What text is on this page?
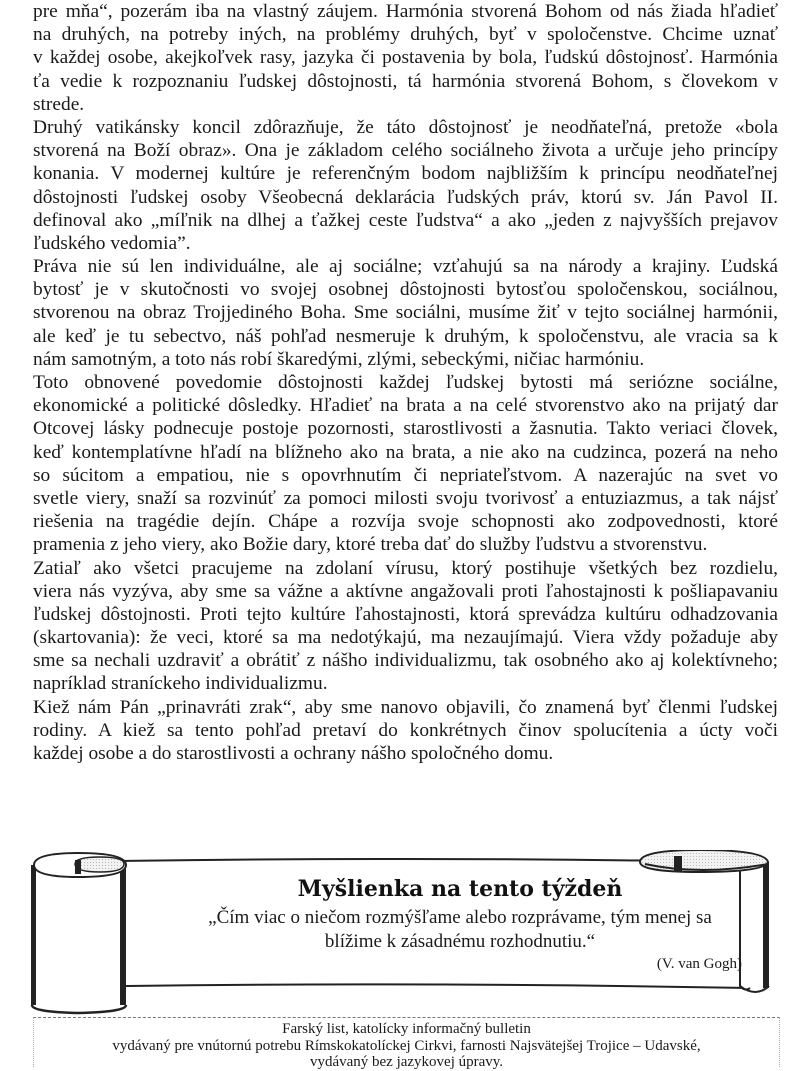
pre mňa“, pozerám iba na vlastný záujem. Harmónia stvorená Bohom od nás žiada hľadieť
na druhých, na potreby iných, na problémy druhých, byť v spoločenstve. Chcime uznať
v každej osobe, akejkoľvek rasy, jazyka či postavenia by bola, ľudskú dôstojnosť. Harmónia
ťa vedie k rozpoznaniu ľudskej dôstojnosti, tá harmónia stvorená Bohom, s človekom v
strede.
Druhý vatikánsky koncil zdôrazňuje, že táto dôstojnosť je neodňateľná, pretože «bola
stvorená na Boží obraz». Ona je základom celého sociálneho života a určuje jeho princípy
konania. V modernej kultúre je referenčným bodom najbližším k princípu neodňateľnej
dôstojnosti ľudskej osoby Všeobecná deklarácia ľudských práv, ktorú sv. Ján Pavol II.
definoval ako „míľnik na dlhej a ťažkej ceste ľudstva“ a ako „jeden z najvyšších prejavov
ľudského vedomia”.
Práva nie sú len individuálne, ale aj sociálne; vzťahujú sa na národy a krajiny. Ľudská
bytosť je v skutočnosti vo svojej osobnej dôstojnosti bytosťou spoločenskou, sociálnou,
stvorenou na obraz Trojjediného Boha. Sme sociálni, musíme žiť v tejto sociálnej harmónii,
ale keď je tu sebectvo, náš pohľad nesmeruje k druhým, k spoločenstvu, ale vracia sa k
nám samotným, a toto nás robí škaredými, zlými, sebeckými, ničiac harmóniu.
Toto obnovené povedomie dôstojnosti každej ľudskej bytosti má seriózne sociálne,
ekonomické a politické dôsledky. Hľadieť na brata a na celé stvorenstvo ako na prijatý dar
Otcovej lásky podnecuje postoje pozornosti, starostlivosti a žasnutia. Takto veriaci človek,
keď kontemplatívne hľadí na blížneho ako na brata, a nie ako na cudzinca, pozerá na neho
so súcitom a empatiou, nie s opovrhnutím či nepriateľstvom. A nazerajúc na svet vo
svetle viery, snaží sa rozvinúť za pomoci milosti svoju tvorivosť a entuziazmus, a tak nájsť
riešenia na tragédie dejín. Chápe a rozvíja svoje schopnosti ako zodpovednosti, ktoré
pramenia z jeho viery, ako Božie dary, ktoré treba dať do služby ľudstvu a stvorenstvu.
Zatiaľ ako všetci pracujeme na zdolaní vírusu, ktorý postihuje všetkých bez rozdielu,
viera nás vyzýva, aby sme sa vážne a aktívne angažovali proti ľahostajnosti k pošliapavaniu
ľudskej dôstojnosti. Proti tejto kultúre ľahostajnosti, ktorá sprevádza kultúru odhadzovania
(skartovania): že veci, ktoré sa ma nedotýkajú, ma nezaujímajú. Viera vždy požaduje aby
sme sa nechali uzdraviť a obrátiť z nášho individualizmu, tak osobného ako aj kolektívneho;
napríklad straníckeho individualizmu.
Kiež nám Pán „prinavráti zrak“, aby sme nanovo objavili, čo znamená byť členmi ľudskej
rodiny. A kiež sa tento pohľad pretaví do konkrétnych činov spolucítenia a úcty voči
každej osobe a do starostlivosti a ochrany nášho spoločného domu.
Myšlienka na tento týždeň
„Čím viac o niečom rozmýšľame alebo rozprávame, tým menej sa
blížime k zásadnému rozhodnutiu.“
(V. van Gogh)
Farský list, katolícky informačný bulletin
vydávaný pre vnútornú potrebu Rímskokatolíckej Cirkvi, farnosti Najsvätejšej Trojice – Udavské,
vydávaný bez jazykovej úpravy.
